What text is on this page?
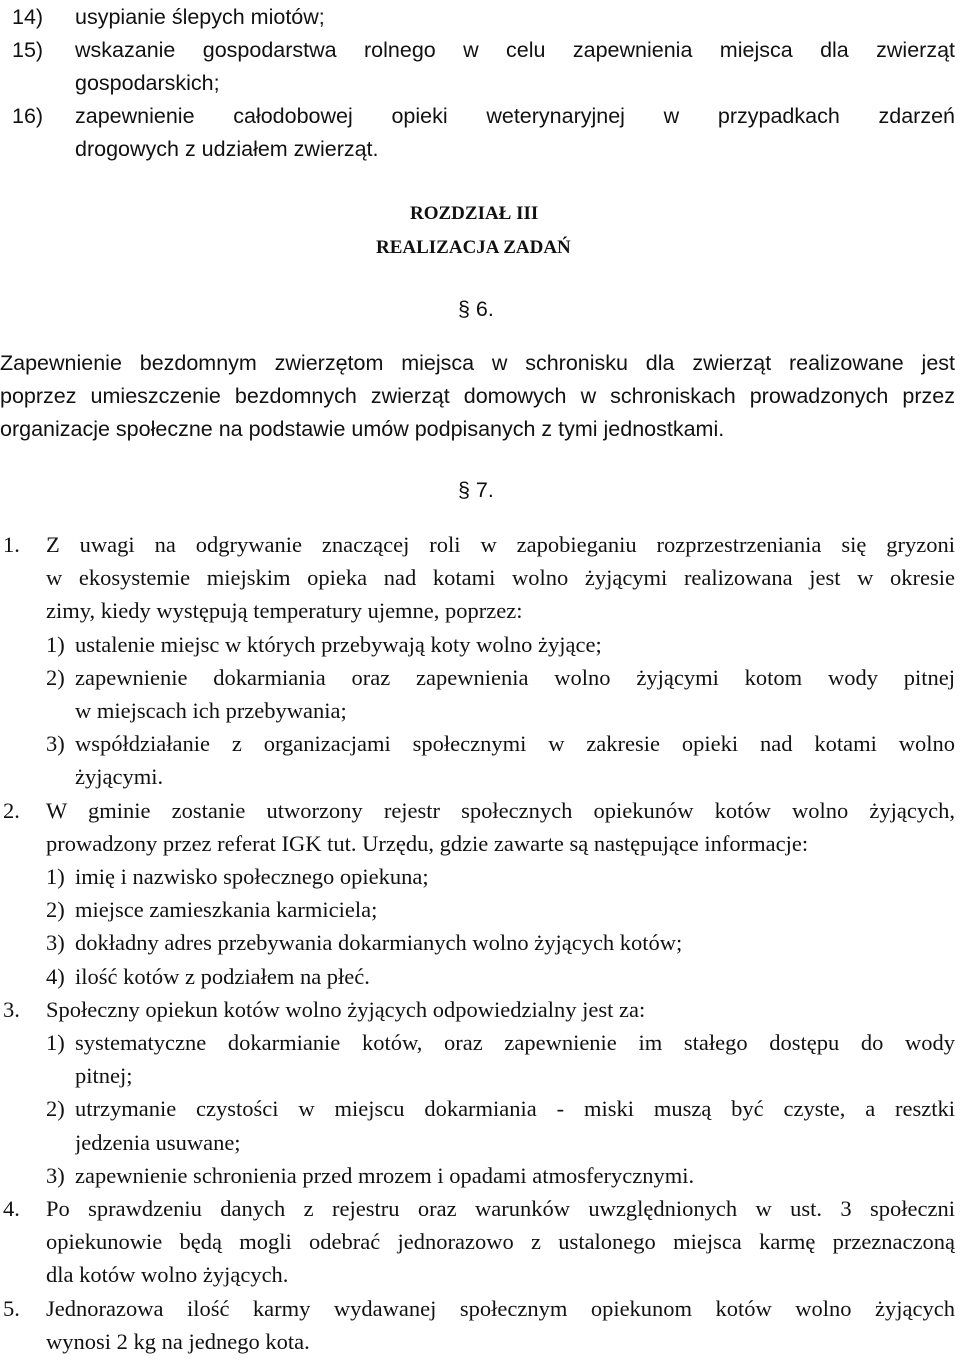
14) usypianie ślepych miotów;
15) wskazanie gospodarstwa rolnego w celu zapewnienia miejsca dla zwierząt
gospodarskich;
16) zapewnienie całodobowej opieki weterynaryjnej w przypadkach zdarzeń
drogowych z udziałem zwierząt.
ROZDZIAŁ III
REALIZACJA ZADAŃ
§ 6.
Zapewnienie bezdomnym zwierzętom miejsca w schronisku dla zwierząt realizowane jest
poprzez umieszczenie bezdomnych zwierząt domowych w schroniskach prowadzonych przez
organizacje społeczne na podstawie umów podpisanych z tymi jednostkami.
§ 7.
1. Z uwagi na odgrywanie znaczącej roli w zapobieganiu rozprzestrzeniania się gryzoni
w ekosystemie miejskim opieka nad kotami wolno żyjącymi realizowana jest w okresie
zimy, kiedy występują temperatury ujemne, poprzez:
1) ustalenie miejsc w których przebywają koty wolno żyjące;
2) zapewnienie dokarmiania oraz zapewnienia wolno żyjącymi kotom wody pitnej
w miejscach ich przebywania;
3) współdziałanie z organizacjami społecznymi w zakresie opieki nad kotami wolno
żyjącymi.
2. W gminie zostanie utworzony rejestr społecznych opiekunów kotów wolno żyjących,
prowadzony przez referat IGK tut. Urzędu, gdzie zawarte są następujące informacje:
1) imię i nazwisko społecznego opiekuna;
2) miejsce zamieszkania karmiciela;
3) dokładny adres przebywania dokarmianych wolno żyjących kotów;
4) ilość kotów z podziałem na płeć.
3. Społeczny opiekun kotów wolno żyjących odpowiedzialny jest za:
1) systematyczne dokarmianie kotów, oraz zapewnienie im stałego dostępu do wody
pitnej;
2) utrzymanie czystości w miejscu dokarmiania - miski muszą być czyste, a resztki
jedzenia usuwane;
3) zapewnienie schronienia przed mrozem i opadami atmosferycznymi.
4. Po sprawdzeniu danych z rejestru oraz warunków uwzględnionych w ust. 3 społeczni
opiekunowie będą mogli odebrać jednorazowo z ustalonego miejsca karmę przeznaczoną
dla kotów wolno żyjących.
5. Jednorazowa ilość karmy wydawanej społecznym opiekunom kotów wolno żyjących
wynosi 2 kg na jednego kota.
